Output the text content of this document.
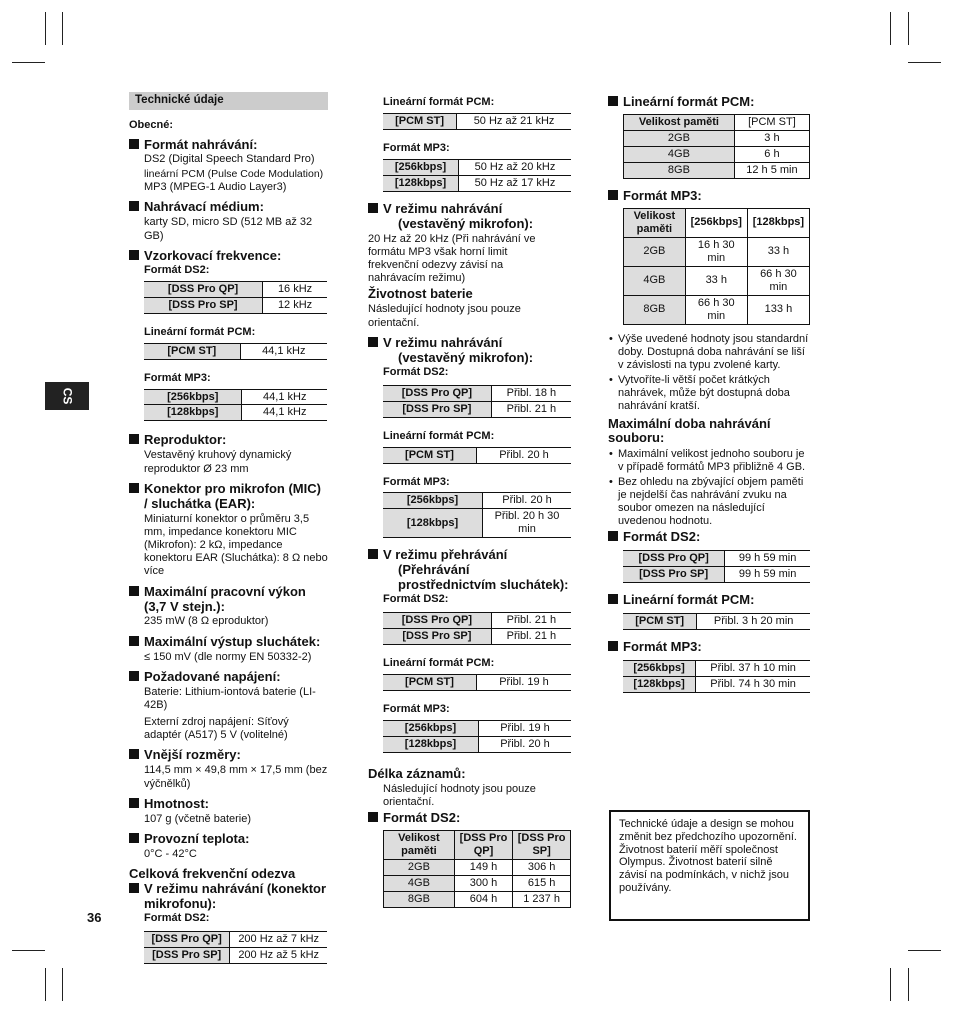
CS
36
Technické údaje
Obecné:
Formát nahrávání:
DS2 (Digital Speech Standard Pro)
lineární PCM (Pulse Code Modulation)
MP3 (MPEG-1 Audio Layer3)
Nahrávací médium:
karty SD, micro SD (512 MB až 32 GB)
Vzorkovací frekvence:
Formát DS2:
[DSS Pro QP]	16 kHz
[DSS Pro SP]	12 kHz
Lineární formát PCM:
[PCM ST]	44,1 kHz
Formát MP3:
[256kbps]	44,1 kHz
[128kbps]	44,1 kHz
Reproduktor:
Vestavěný kruhový dynamický reproduktor Ø 23 mm
Konektor pro mikrofon (MIC) / sluchátka (EAR):
Miniaturní konektor o průměru 3,5 mm, impedance konektoru MIC (Mikrofon): 2 kΩ, impedance konektoru EAR (Sluchátka): 8 Ω nebo více
Maximální pracovní výkon (3,7 V stejn.):
235 mW (8 Ω eproduktor)
Maximální výstup sluchátek:
≤ 150 mV (dle normy EN 50332-2)
Požadované napájení:
Baterie: Lithium-iontová baterie (LI-42B)
Externí zdroj napájení: Síťový adaptér (A517) 5 V (volitelné)
Vnější rozměry:
114,5 mm × 49,8 mm × 17,5 mm (bez výčnělků)
Hmotnost:
107 g (včetně baterie)
Provozní teplota:
0°C - 42°C
Celková frekvenční odezva
V režimu nahrávání (konektor mikrofonu):
Formát DS2:
[DSS Pro QP]	200 Hz až 7 kHz
[DSS Pro SP]	200 Hz až 5 kHz
Lineární formát PCM:
[PCM ST]	50 Hz až 21 kHz
Formát MP3:
[256kbps]	50 Hz až 20 kHz
[128kbps]	50 Hz až 17 kHz
V režimu nahrávání (vestavěný mikrofon):
20 Hz až 20 kHz (Při nahrávání ve formátu MP3 však horní limit frekvenční odezvy závisí na nahrávacím režimu)
Životnost baterie
Následující hodnoty jsou pouze orientační.
V režimu nahrávání (vestavěný mikrofon):
Formát DS2:
[DSS Pro QP]	Přibl. 18 h
[DSS Pro SP]	Přibl. 21 h
Lineární formát PCM:
[PCM ST]	Přibl. 20 h
Formát MP3:
[256kbps]	Přibl. 20 h
[128kbps]	Přibl. 20 h 30 min
V režimu přehrávání (Přehrávání prostřednictvím sluchátek):
Formát DS2:
[DSS Pro QP]	Přibl. 21 h
[DSS Pro SP]	Přibl. 21 h
Lineární formát PCM:
[PCM ST]	Přibl. 19 h
Formát MP3:
[256kbps]	Přibl. 19 h
[128kbps]	Přibl. 20 h
Délka záznamů:
Následující hodnoty jsou pouze orientační.
Formát DS2:
Velikost paměti	[DSS Pro QP]	[DSS Pro SP]
2GB	149 h	306 h
4GB	300 h	615 h
8GB	604 h	1 237 h
Lineární formát PCM:
Velikost paměti	[PCM ST]
2GB	3 h
4GB	6 h
8GB	12 h 5 min
Formát MP3:
Velikost paměti	[256kbps]	[128kbps]
2GB	16 h 30 min	33 h
4GB	33 h	66 h 30 min
8GB	66 h 30 min	133 h
• Výše uvedené hodnoty jsou standardní doby. Dostupná doba nahrávání se liší v závislosti na typu zvolené karty.
• Vytvoříte-li větší počet krátkých nahrávek, může být dostupná doba nahrávání kratší.
Maximální doba nahrávání souboru:
• Maximální velikost jednoho souboru je v případě formátů MP3 přibližně 4 GB.
• Bez ohledu na zbývající objem paměti je nejdelší čas nahrávání zvuku na soubor omezen na následující uvedenou hodnotu.
Formát DS2:
[DSS Pro QP]	99 h 59 min
[DSS Pro SP]	99 h 59 min
Lineární formát PCM:
[PCM ST]	Přibl. 3 h 20 min
Formát MP3:
[256kbps]	Přibl. 37 h 10 min
[128kbps]	Přibl. 74 h 30 min
Technické údaje a design se mohou změnit bez předchozího upozornění. Životnost baterií měří společnost Olympus. Životnost baterií silně závisí na podmínkách, v nichž jsou používány.
